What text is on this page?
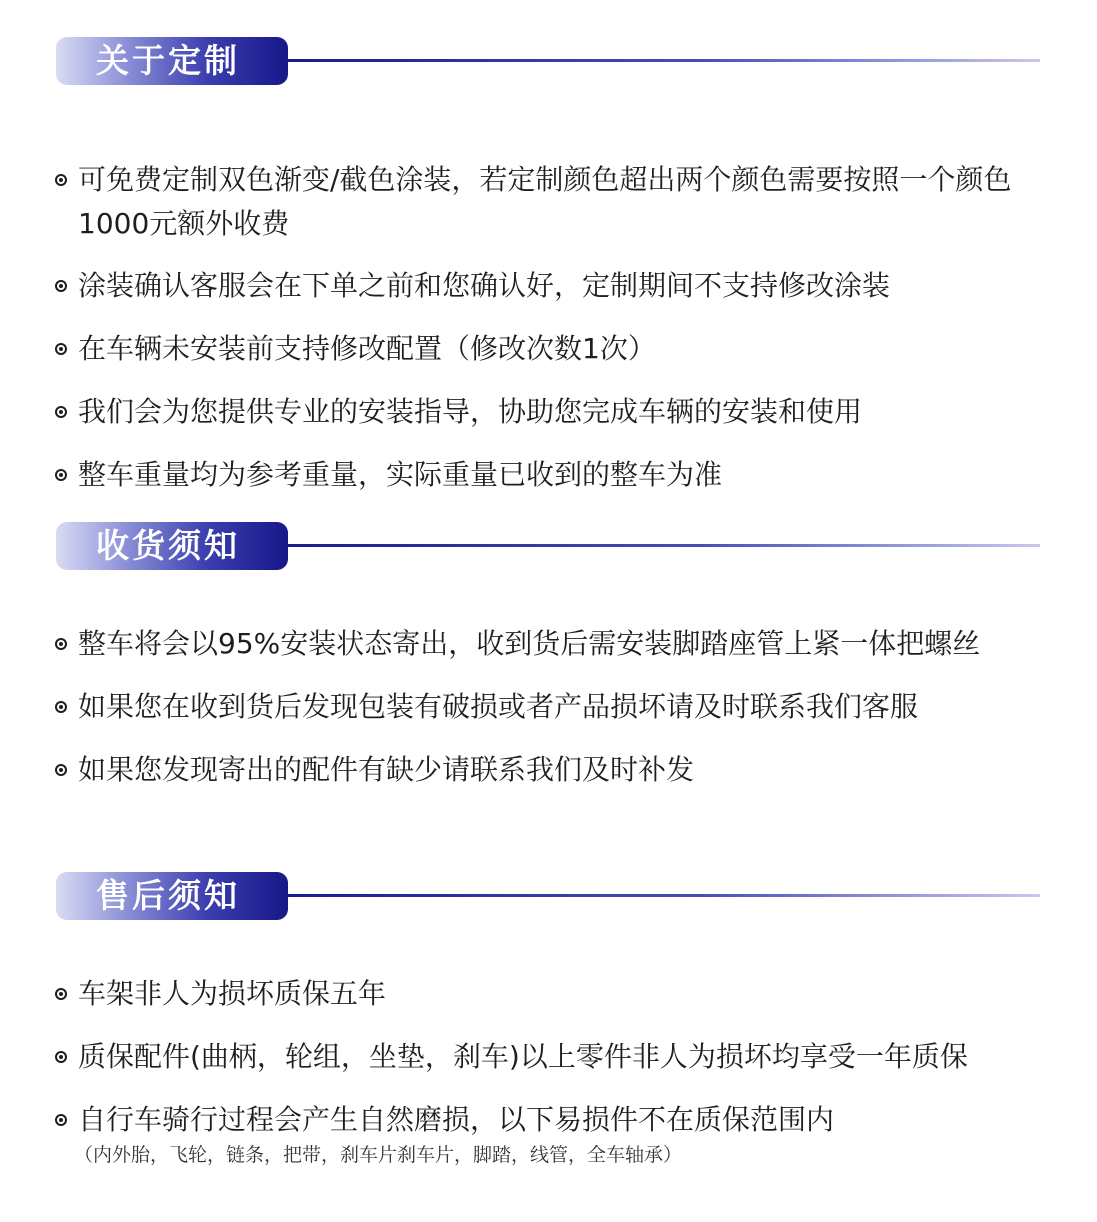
关于定制
可免费定制双色渐变/截色涂装，若定制颜色超出两个颜色需要按照一个颜色1000元额外收费
涂装确认客服会在下单之前和您确认好，定制期间不支持修改涂装
在车辆未安装前支持修改配置（修改次数1次）
我们会为您提供专业的安装指导，协助您完成车辆的安装和使用
整车重量均为参考重量，实际重量已收到的整车为准
收货须知
整车将会以95%安装状态寄出，收到货后需安装脚踏座管上紧一体把螺丝
如果您在收到货后发现包装有破损或者产品损坏请及时联系我们客服
如果您发现寄出的配件有缺少请联系我们及时补发
售后须知
车架非人为损坏质保五年
质保配件(曲柄，轮组，坐垫，刹车)以上零件非人为损坏均享受一年质保
自行车骑行过程会产生自然磨损，以下易损件不在质保范围内
（内外胎，飞轮，链条，把带，刹车片刹车片，脚踏，线管，全车轴承）
